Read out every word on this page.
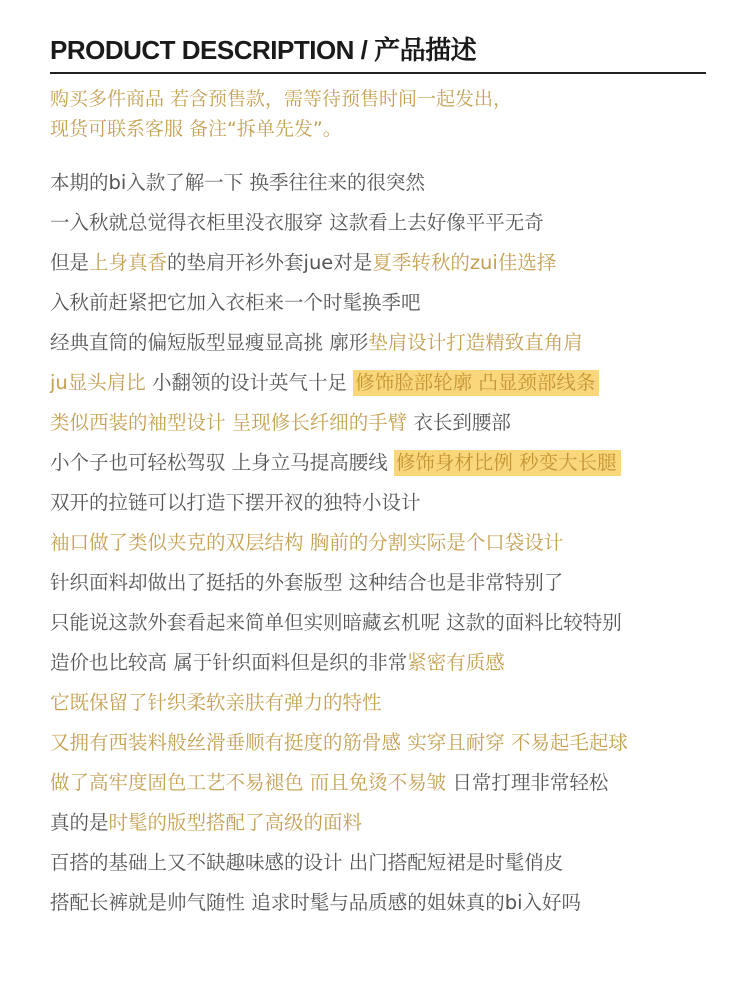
PRODUCT DESCRIPTION / 产品描述
购买多件商品 若含预售款，需等待预售时间一起发出，
现货可联系客服 备注“拆单先发”。
本期的bi入款了解一下 换季往往来的很突然
一入秋就总觉得衣柜里没衣服穿 这款看上去好像平平无奇
但是上身真香的垫肩开衫外套jue对是夏季转秋的zui佳选择
入秋前赶紧把它加入衣柜来一个时髦换季吧
经典直筒的偏短版型显瘦显高挑 廓形垫肩设计打造精致直角肩
ju显头肩比 小翻领的设计英气十足 修饰脸部轮廓 凸显颈部线条
类似西装的袖型设计 呈现修长纤细的手臂 衣长到腰部
小个子也可轻松驾驭 上身立马提高腰线 修饰身材比例 秒变大长腿
双开的拉链可以打造下摆开衩的独特小设计
袖口做了类似夹克的双层结构 胸前的分割实际是个口袋设计
针织面料却做出了挺括的外套版型 这种结合也是非常特别了
只能说这款外套看起来简单但实则暗藏玄机呢 这款的面料比较特别
造价也比较高 属于针织面料但是织的非常紧密有质感
它既保留了针织柔软亲肤有弹力的特性
又拥有西装料般丝滑垂顺有挺度的筋骨感 实穿且耐穿 不易起毛起球
做了高牢度固色工艺不易褪色 而且免烫不易皱 日常打理非常轻松
真的是时髦的版型搭配了高级的面料
百搭的基础上又不缺趣味感的设计 出门搭配短裙是时髦俏皮
搭配长裤就是帅气随性 追求时髦与品质感的姐妹真的bi入好吗
